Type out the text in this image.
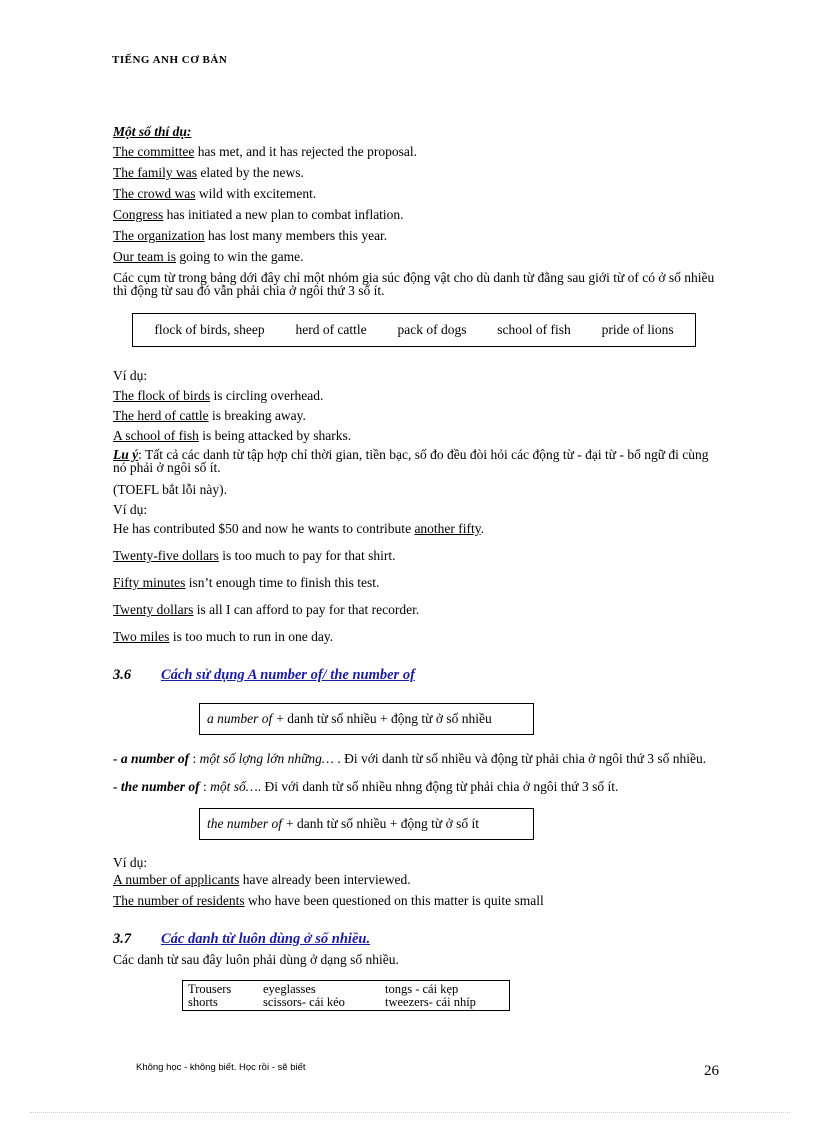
TIẾNG ANH CƠ BẢN
Một số thí dụ:
The committee has met, and it has rejected the proposal.
The family was elated by the news.
The crowd was wild with excitement.
Congress has initiated a new plan to combat inflation.
The organization has lost many members this year.
Our team is going to win the game.
Các cụm từ trong bảng dới đây chỉ một nhóm gia súc động vật cho dù danh từ đằng sau giới từ of có ở số nhiều thì động từ sau đó vẫn phải chia ở ngôi thứ 3 số ít.
flock of birds, sheep herd of cattle pack of dogs school of fish pride of lions
Ví dụ:
The flock of birds is circling overhead.
The herd of cattle is breaking away.
A school of fish is being attacked by sharks.
Lu ý: Tất cả các danh từ tập hợp chỉ thời gian, tiền bạc, số đo đều đòi hỏi các động từ - đại từ - bổ ngữ đi cùng nó phải ở ngôi số ít.
(TOEFL bắt lỗi này).
Ví dụ:
He has contributed $50 and now he wants to contribute another fifty.
Twenty-five dollars is too much to pay for that shirt.
Fifty minutes isn’t enough time to finish this test.
Twenty dollars is all I can afford to pay for that recorder.
Two miles is too much to run in one day.
3.6 Cách sử dụng A number of/ the number of
a number of + danh từ số nhiều + động từ ở số nhiều
- a number of : một số lợng lớn những… . Đi với danh từ số nhiều và động từ phải chia ở ngôi thứ 3 số nhiều.
- the number of : một số…. Đi với danh từ số nhiều nhng động từ phải chia ở ngôi thứ 3 số ít.
the number of + danh từ số nhiều + động từ ở số ít
Ví dụ:
A number of applicants have already been interviewed.
The number of residents who have been questioned on this matter is quite small
3.7 Các danh từ luôn dùng ở số nhiều.
Các danh từ sau đây luôn phải dùng ở dạng số nhiều.
Trousers	eyeglasses	tongs - cái kẹp
shorts	scissors- cái kéo	tweezers- cái nhíp
Không học - không biết. Học rồi - sẽ biết	26
